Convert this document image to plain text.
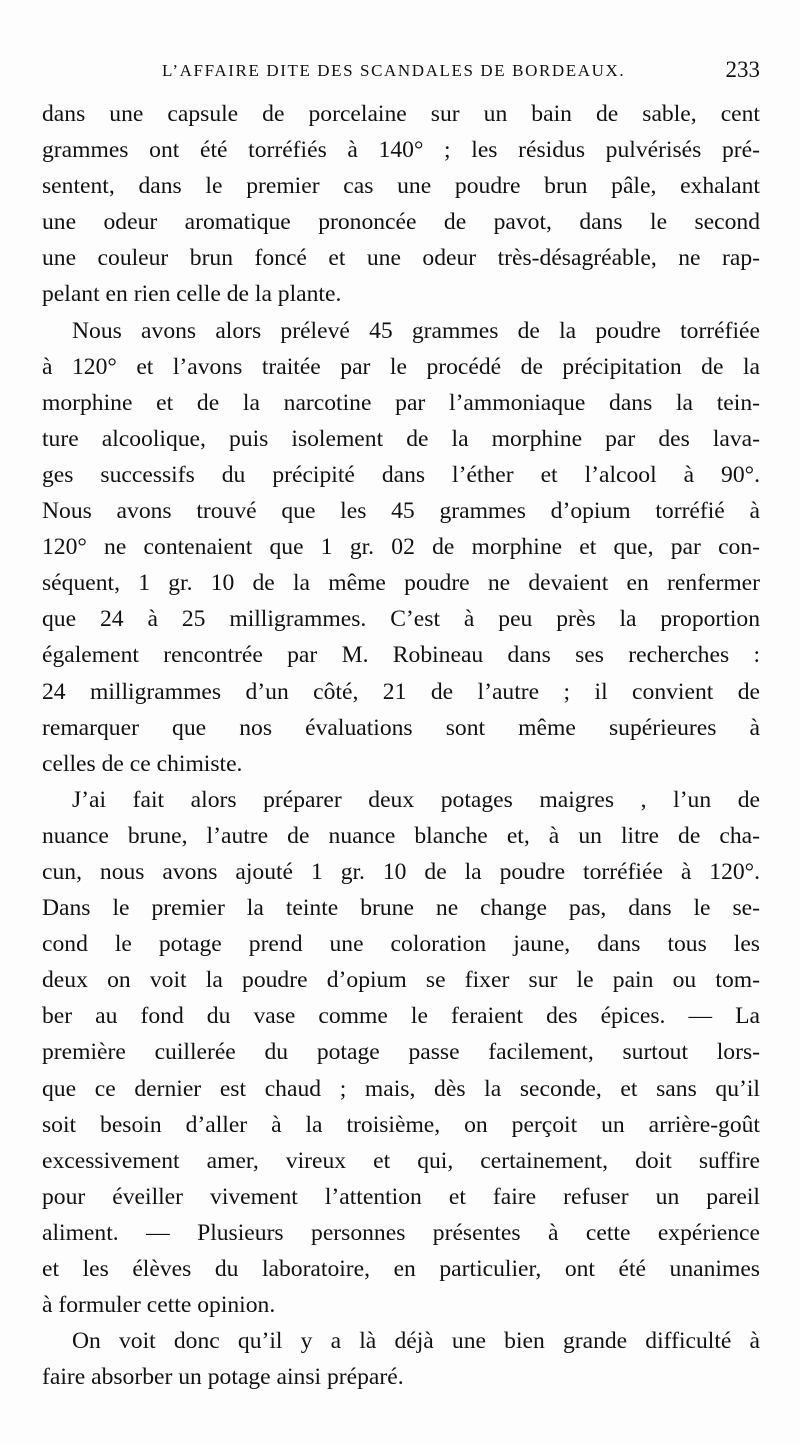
L’AFFAIRE DITE DES SCANDALES DE BORDEAUX.	233
dans une capsule de porcelaine sur un bain de sable, cent
grammes ont été torréfiés à 140° ; les résidus pulvérisés pré-
sentent, dans le premier cas une poudre brun pâle, exhalant
une odeur aromatique prononcée de pavot, dans le second
une couleur brun foncé et une odeur très-désagréable, ne rap-
pelant en rien celle de la plante.
Nous avons alors prélevé 45 grammes de la poudre torréfiée
à 120° et l’avons traitée par le procédé de précipitation de la
morphine et de la narcotine par l’ammoniaque dans la tein-
ture alcoolique, puis isolement de la morphine par des lava-
ges successifs du précipité dans l’éther et l’alcool à 90°.
Nous avons trouvé que les 45 grammes d’opium torréfié à
120° ne contenaient que 1 gr. 02 de morphine et que, par con-
séquent, 1 gr. 10 de la même poudre ne devaient en renfermer
que 24 à 25 milligrammes. C’est à peu près la proportion
également rencontrée par M. Robineau dans ses recherches :
24 milligrammes d’un côté, 21 de l’autre ; il convient de
remarquer que nos évaluations sont même supérieures à
celles de ce chimiste.
J’ai fait alors préparer deux potages maigres , l’un de
nuance brune, l’autre de nuance blanche et, à un litre de cha-
cun, nous avons ajouté 1 gr. 10 de la poudre torréfiée à 120°.
Dans le premier la teinte brune ne change pas, dans le se-
cond le potage prend une coloration jaune, dans tous les
deux on voit la poudre d’opium se fixer sur le pain ou tom-
ber au fond du vase comme le feraient des épices. — La
première cuillerée du potage passe facilement, surtout lors-
que ce dernier est chaud ; mais, dès la seconde, et sans qu’il
soit besoin d’aller à la troisième, on perçoit un arrière-goût
excessivement amer, vireux et qui, certainement, doit suffire
pour éveiller vivement l’attention et faire refuser un pareil
aliment. — Plusieurs personnes présentes à cette expérience
et les élèves du laboratoire, en particulier, ont été unanimes
à formuler cette opinion.
On voit donc qu’il y a là déjà une bien grande difficulté à
faire absorber un potage ainsi préparé.
